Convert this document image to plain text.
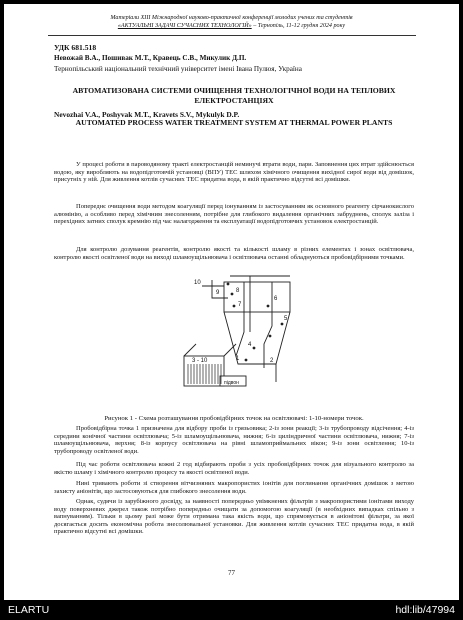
Матеріали XIII Міжнародної науково-практичної конференції молодих учених та студентів
«АКТУАЛЬНІ ЗАДАЧІ СУЧАСНИХ ТЕХНОЛОГІЙ» – Тернопіль, 11-12 грудня 2024 року
УДК 681.518
Невожай В.А., Пошивак М.Т., Кравець С.В., Микулик Д.П.
Тернопільський національний технічний університет імені Івана Пулюя, Україна
АВТОМАТИЗОВАНА СИСТЕМИ ОЧИЩЕННЯ ТЕХНОЛОГІЧНОЇ ВОДИ НА ТЕПЛОВИХ ЕЛЕКТРОСТАНЦІЯХ
Nevozhai V.A., Poshyvak M.T., Kravets S.V., Mykulyk D.P.
AUTOMATED PROCESS WATER TREATMENT SYSTEM AT THERMAL POWER PLANTS

У процесі роботи в пароводяному тракті електростанцій неминучі втрати води, пари. Заповнення цих втрат здійснюється водою, яку виробляють на водопідготовчій установці (ВПУ) ТЕС шляхом хімічного очищення вихідної сирої води від домішок, присутніх у ній. Для живлення котлів сучасних ТЕС придатна вода, в якій практично відсутні всі домішки.

Попереднє очищення води методом коагуляції перед іонуванням із застосуванням як основного реагенту сірчанокислого алюмінію, а особливо перед хімічним знесоленням, потрібне для глибокого видалення органічних забруднень, сполук заліза і перехідних затних сполук кремнію під час налагодження та експлуатації водопідготовчих установок електростанцій.

Для контролю дозування реагентів, контролю якості та кількості шламу в різних елементах і зонах освітлювача, контролю якості освітленої води на виході шламоущільнювача і освітлювача останні обладнуються пробовідбірними точками.

10
9	8
7
6
5
4
3 - 10	1	2
підвон
Рисунок 1 - Схема розташування пробовідбірних точок на освітлювачі: 1-10-номери точок.

Пробовідбірна точка 1 призначена для відбору проби із грязьовика; 2-із зони реакції; 3-із трубопроводу відсічення; 4-із середини конічної частини освітлювача; 5-із шламоущільнювача, нижня; 6-із циліндричної частини освітлювача, нижня; 7-із шламоущільнювача, верхня; 8-із корпусу освітлювача на рівні шламоприймальних вікон; 9-із зони освітлення; 10-із трубопроводу освітленої води.

Під час роботи освітлювача кожні 2 год відбирають проби з усіх пробовідбірних точок для візуального контролю за якістю шламу і хімічного контролю процесу та якості освітленої води.

Нині тривають роботи зі створення вітчизняних макропористих іонітів для поглинання органічних домішок з метою захисту аніонітів, що застосовуються для глибокого знесолення води.

Однак, судячи із зарубіжного досвіду, за наявності попередньо увімкнених фільтрів з макропористими іонітами виходу воду поверхневих джерел також потрібно попередньо очищати за допомогою коагуляції (в необхідних випадках спільно з вапнуванням). Тільки в цьому разі може бути отримана така якість води, що спрямовується в аніонітові фільтри, за якої досягається досить економічна робота знесолювальної установки. Для живлення котлів сучасних ТЕС придатна вода, в якій практично відсутні всі домішки.

77
ELARTU	hdl:lib/47994
